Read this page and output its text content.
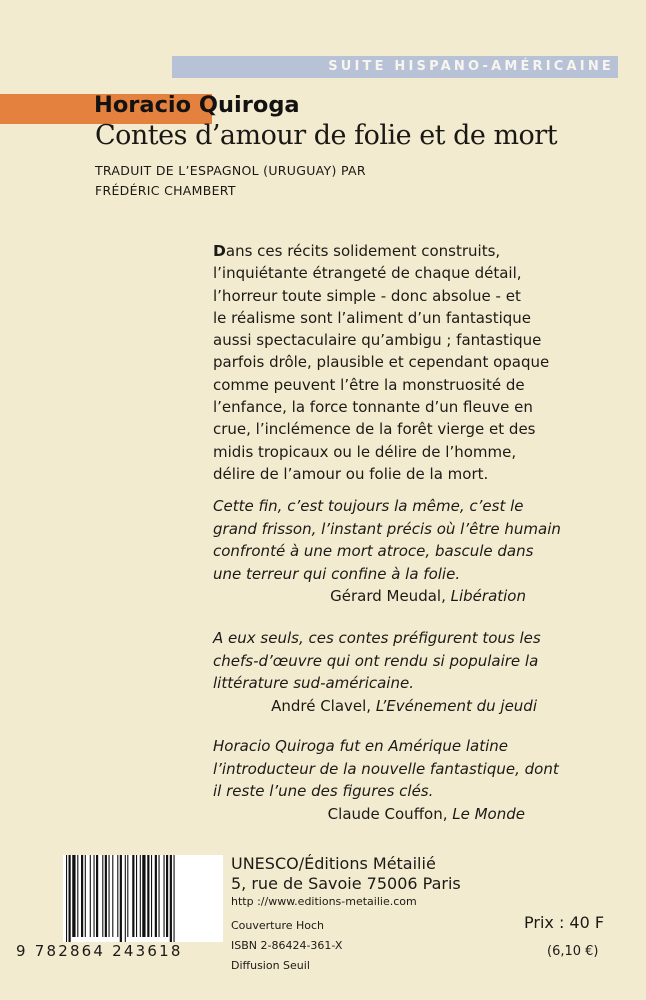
SUITE HISPANO-AMÉRICAINE
Horacio Quiroga
Contes d’amour de folie et de mort
TRADUIT DE L’ESPAGNOL (URUGUAY) PAR
FRÉDÉRIC CHAMBERT
Dans ces récits solidement construits,
l’inquiétante étrangeté de chaque détail,
l’horreur toute simple - donc absolue - et
le réalisme sont l’aliment d’un fantastique
aussi spectaculaire qu’ambigu ; fantastique
parfois drôle, plausible et cependant opaque
comme peuvent l’être la monstruosité de
l’enfance, la force tonnante d’un fleuve en
crue, l’inclémence de la forêt vierge et des
midis tropicaux ou le délire de l’homme,
délire de l’amour ou folie de la mort.

Cette fin, c’est toujours la même, c’est le
grand frisson, l’instant précis où l’être humain
confronté à une mort atroce, bascule dans
une terreur qui confine à la folie.

Gérard Meudal, Libération

A eux seuls, ces contes préfigurent tous les
chefs-d’œuvre qui ont rendu si populaire la
littérature sud-américaine.

André Clavel, L’Evénement du jeudi

Horacio Quiroga fut en Amérique latine
l’introducteur de la nouvelle fantastique, dont
il reste l’une des figures clés.

Claude Couffon, Le Monde

9 782864 243618
UNESCO/Éditions Métailié
5, rue de Savoie 75006 Paris
http ://www.editions-metailie.com
Couverture Hoch
ISBN 2-86424-361-X
Diffusion Seuil
Prix : 40 F
(6,10 €)
